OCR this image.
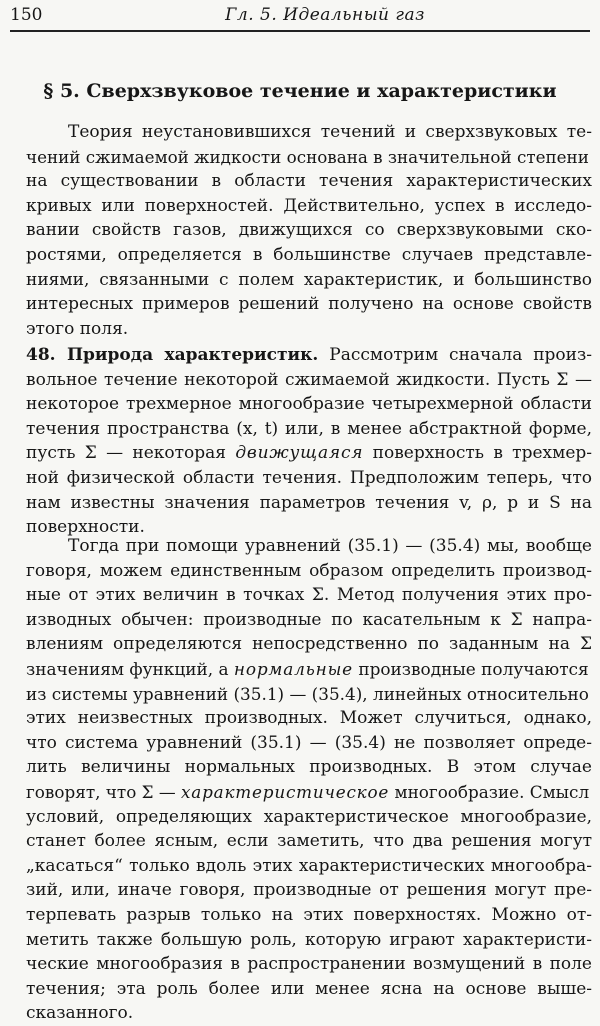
150	Гл. 5. Идеальный газ
§ 5. Сверхзвуковое течение и характеристики

Теория неустановившихся течений и сверхзвуковых те-
чений сжимаемой жидкости основана в значительной степени
на существовании в области течения характеристических
кривых или поверхностей. Действительно, успех в исследо-
вании свойств газов, движущихся со сверхзвуковыми ско-
ростями, определяется в большинстве случаев представле-
ниями, связанными с полем характеристик, и большинство
интересных примеров решений получено на основе свойств
этого поля.

48. Природа характеристик. Рассмотрим сначала произ-
вольное течение некоторой сжимаемой жидкости. Пусть Σ —
некоторое трехмерное многообразие четырехмерной области
течения пространства (x, t) или, в менее абстрактной форме,
пусть Σ — некоторая движущаяся поверхность в трехмер-
ной физической области течения. Предположим теперь, что
нам известны значения параметров течения v, ρ, p и S на
поверхности.

Тогда при помощи уравнений (35.1) — (35.4) мы, вообще
говоря, можем единственным образом определить производ-
ные от этих величин в точках Σ. Метод получения этих про-
изводных обычен: производные по касательным к Σ напра-
влениям определяются непосредственно по заданным на Σ
значениям функций, а нормальные производные получаются
из системы уравнений (35.1) — (35.4), линейных относительно
этих неизвестных производных. Может случиться, однако,
что система уравнений (35.1) — (35.4) не позволяет опреде-
лить величины нормальных производных. В этом случае
говорят, что Σ — характеристическое многообразие. Смысл
условий, определяющих характеристическое многообразие,
станет более ясным, если заметить, что два решения могут
„касаться“ только вдоль этих характеристических многообра-
зий, или, иначе говоря, производные от решения могут пре-
терпевать разрыв только на этих поверхностях. Можно от-
метить также большую роль, которую играют характеристи-
ческие многообразия в распространении возмущений в поле
течения; эта роль более или менее ясна на основе выше-
сказанного.
